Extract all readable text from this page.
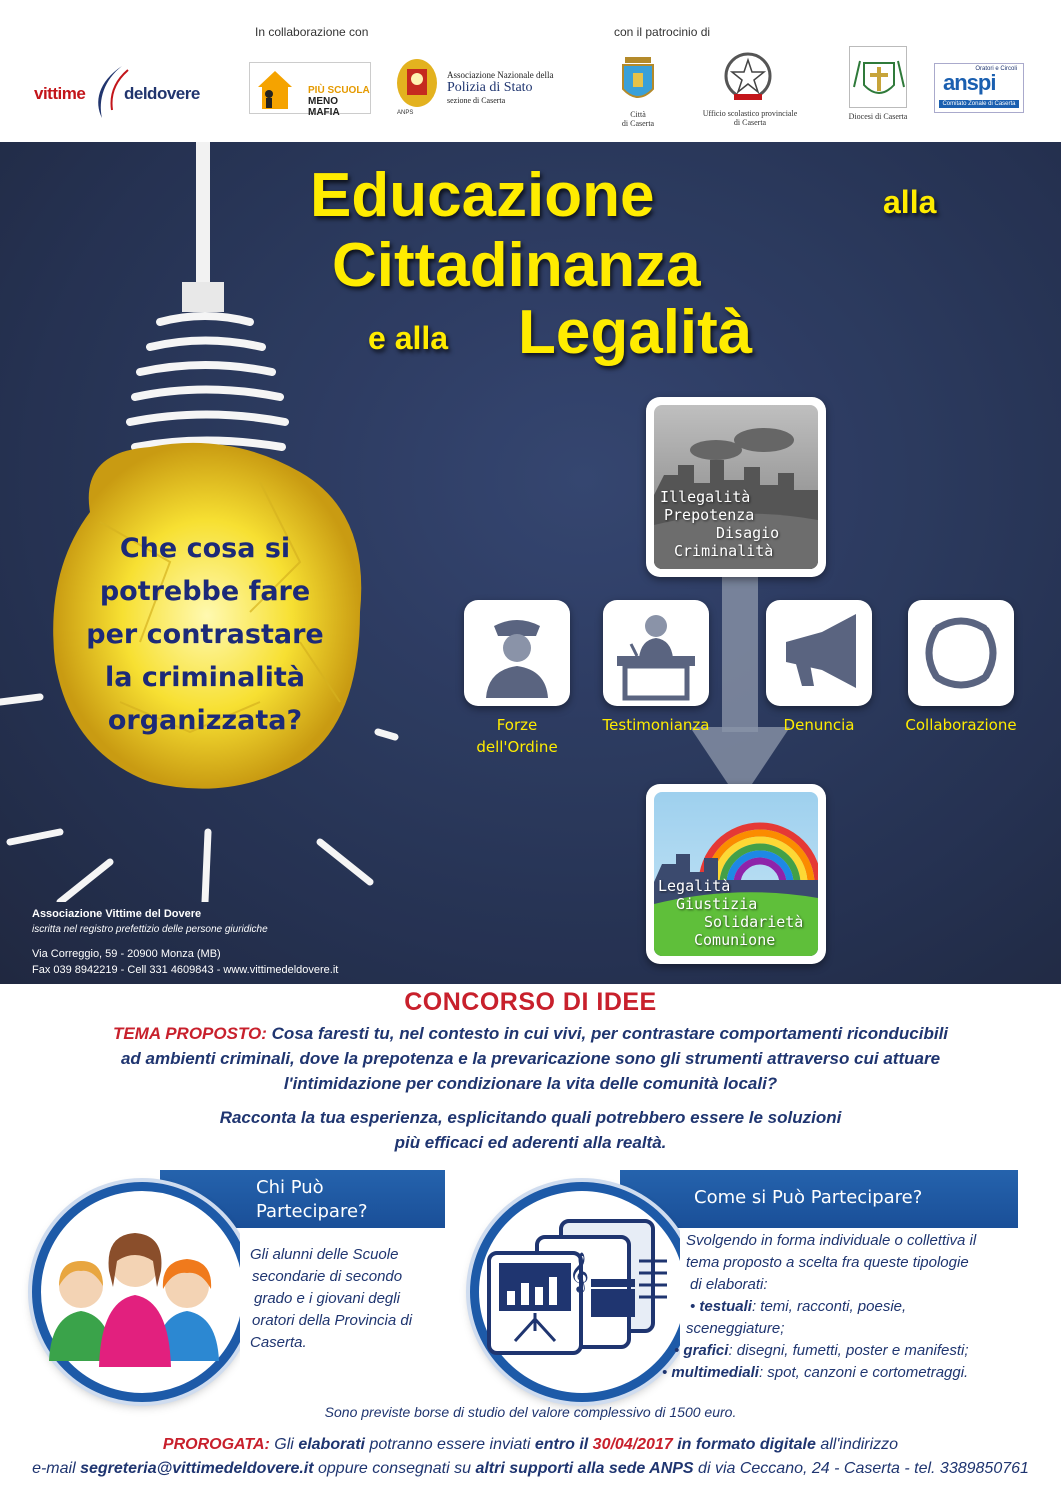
In collaborazione con	con il patrocinio di
vittime deldovere	PIÙ SCUOLA
MENO MAFIA	ANPS
Associazione Nazionale della
Polizia di Stato
sezione di Caserta
Città
di Caserta
Ufficio scolastico provinciale
di Caserta
Diocesi di Caserta
Oratori e Circoli
anspi
Comitato Zonale di Caserta
Che cosa si
potrebbe fare
per contrastare
la criminalità
organizzata?
Educazione	alla
Cittadinanza
e alla Legalità
Illegalità
Prepotenza
Disagio
Criminalità
Forze
dell'Ordine
Testimonianza	Denuncia	Collaborazione
Legalità
Giustizia
Solidarietà
Comunione
Associazione Vittime del Dovere
iscritta nel registro prefettizio delle persone giuridiche
Via Correggio, 59 - 20900 Monza (MB)
Fax 039 8942219 - Cell 331 4609843 - www.vittimedeldovere.it
CONCORSO DI IDEE
TEMA PROPOSTO: Cosa faresti tu, nel contesto in cui vivi, per contrastare comportamenti riconducibili
ad ambienti criminali, dove la prepotenza e la prevaricazione sono gli strumenti attraverso cui attuare
l'intimidazione per condizionare la vita delle comunità locali?
Racconta la tua esperienza, esplicitando quali potrebbero essere le soluzioni
più efficaci ed aderenti alla realtà.
Chi Può
Partecipare?
Gli alunni delle Scuole
secondarie di secondo
grado e i giovani degli
oratori della Provincia di
Caserta.
Come si Può Partecipare?
𝄞
Svolgendo in forma individuale o collettiva il
tema proposto a scelta fra queste tipologie
di elaborati:
• testuali: temi, racconti, poesie,
sceneggiature;
• grafici: disegni, fumetti, poster e manifesti;
• multimediali: spot, canzoni e cortometraggi.
Sono previste borse di studio del valore complessivo di 1500 euro.
PROROGATA: Gli elaborati potranno essere inviati entro il 30/04/2017 in formato digitale all'indirizzo
e-mail segreteria@vittimedeldovere.it oppure consegnati su altri supporti alla sede ANPS di via Ceccano, 24 - Caserta - tel. 3389850761
